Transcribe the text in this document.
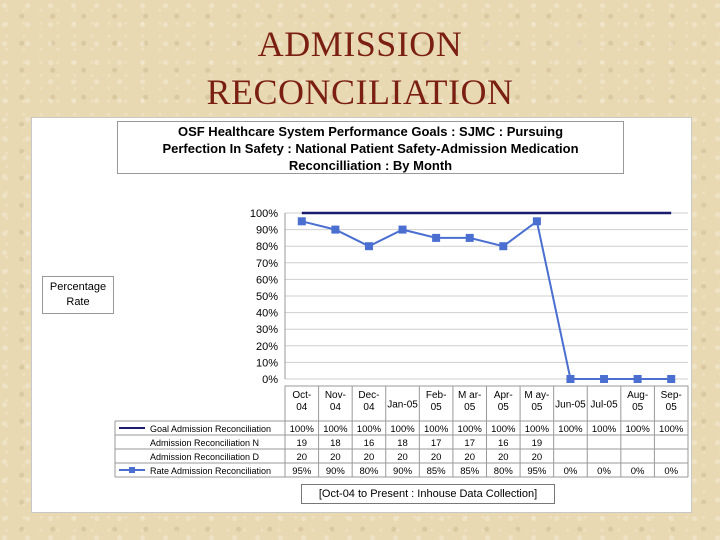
ADMISSION
RECONCILIATION
OSF Healthcare System Performance Goals : SJMC : Pursuing
Perfection In Safety : National Patient Safety-Admission Medication
Reconcilliation : By Month
Percentage
Rate
0%
10%
20%
30%
40%
50%
60%
70%
80%
90%
100%
Oct-
04
Nov-
04
Dec-
04 Jan-05
Feb-
05
M ar-
05
Apr-
05
M ay-
05 Jun-05 Jul-05
Aug-
05
Sep-
05
Goal Admission Reconciliation 100% 100% 100% 100% 100% 100% 100% 100% 100% 100% 100% 100%
Admission Reconciliation N	19 18 16 18 17 17 16 19
Admission Reconciliation D	20 20 20 20 20 20 20 20
Rate Admission Reconciliation 95% 90% 80% 90% 85% 85% 80% 95% 0% 0% 0% 0%
[Oct-04 to Present : Inhouse Data Collection]
